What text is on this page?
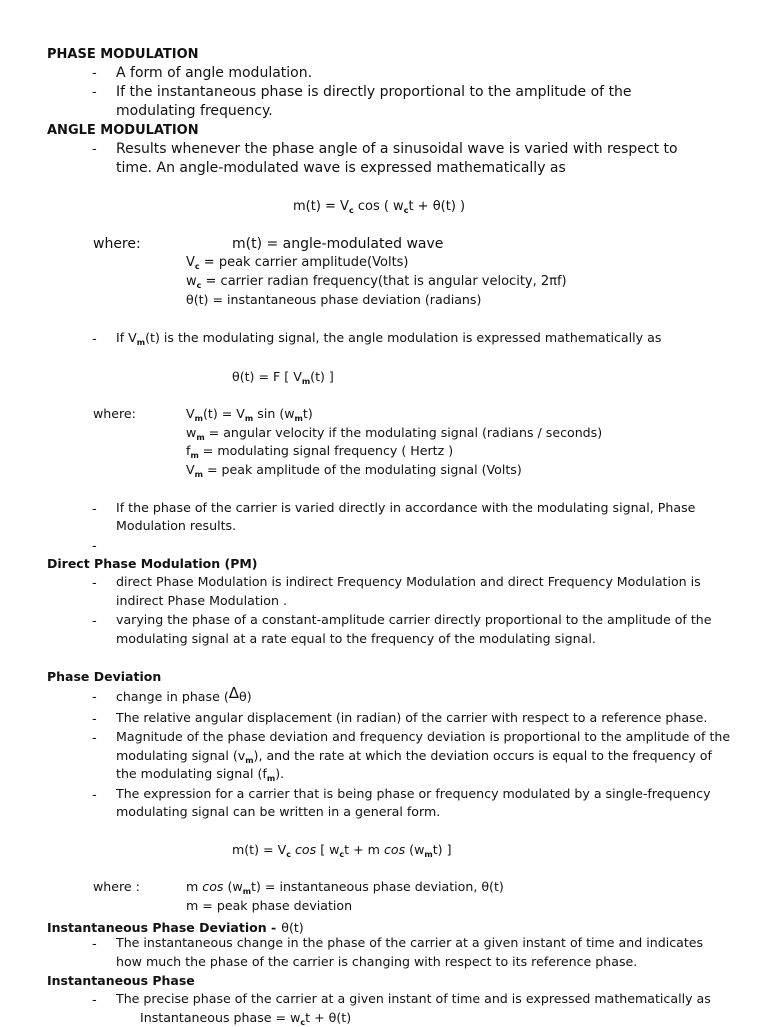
PHASE MODULATION
- A form of angle modulation.
- If the instantaneous phase is directly proportional to the amplitude of the
modulating frequency.
ANGLE MODULATION
- Results whenever the phase angle of a sinusoidal wave is varied with respect to
time. An angle-modulated wave is expressed mathematically as
$m(t) = V_c$ cos ( $w_ct + \theta(t)$ )
where:	m(t) = angle-modulated wave
$V_c$ = peak carrier amplitude(Volts)
$w_c$ = carrier radian frequency(that is angular velocity, 2πf)
θ(t) = instantaneous phase deviation (radians)
- If $V_m(t)$ is the modulating signal, the angle modulation is expressed mathematically as
θ(t) = F [ $V_m(t)$ ]
where:	$V_m(t) = V_m$ $\sin (w_mt)$
$w_m$ = angular velocity if the modulating signal (radians / seconds)
$f_m$ = modulating signal frequency ( Hertz )
$V_m$ = peak amplitude of the modulating signal (Volts)
- If the phase of the carrier is varied directly in accordance with the modulating signal, Phase
Modulation results.
-
Direct Phase Modulation (PM)
- direct Phase Modulation is indirect Frequency Modulation and direct Frequency Modulation is
indirect Phase Modulation .
- varying the phase of a constant-amplitude carrier directly proportional to the amplitude of the
modulating signal at a rate equal to the frequency of the modulating signal.
Phase Deviation
- change in phase (Δθ)
- The relative angular displacement (in radian) of the carrier with respect to a reference phase.
- Magnitude of the phase deviation and frequency deviation is proportional to the amplitude of the
modulating signal $(v_m)$, and the rate at which the deviation occurs is equal to the frequency of
the modulating signal $(f_m)$.
- The expression for a carrier that is being phase or frequency modulated by a single-frequency
modulating signal can be written in a general form.
$m(t) = V_c$ cos [ $w_ct + m$ $\cos (w_mt)$ ]
where :	m $\cos (w_mt)$ = instantaneous phase deviation, θ(t)
m = peak phase deviation
Instantaneous Phase Deviation - θ(t)
- The instantaneous change in the phase of the carrier at a given instant of time and indicates
how much the phase of the carrier is changing with respect to its reference phase.
Instantaneous Phase
- The precise phase of the carrier at a given instant of time and is expressed mathematically as
Instantaneous phase = $w_ct + \theta(t)$
